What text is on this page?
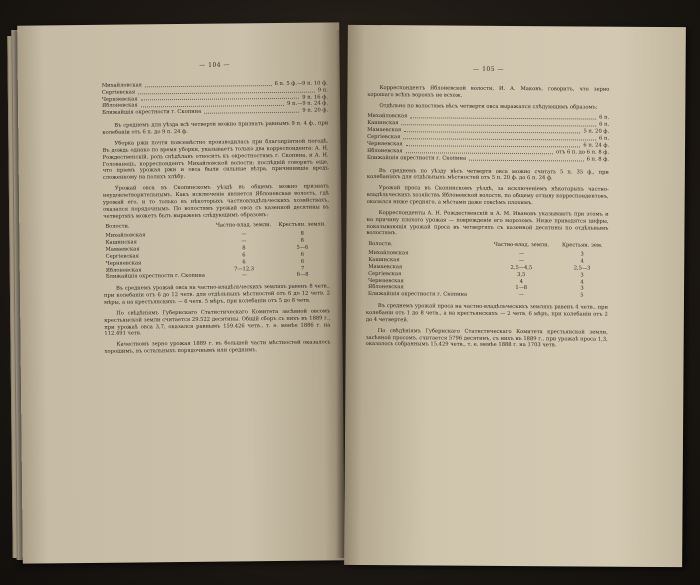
— 104 —
Михайловская	6 п. 5 ф.—9 п. 10 ф.
Сергіевская	9 п.
Черняевская	9 п. 16 ф.
Яблоневская	9 п.—9 п. 24 ф.
Ближайшія окрестности г. Скопина	9 п. 20 ф.

Въ среднемъ для уѣзда всѣ четверти можно признать равнымъ 9 п. 4 ф., при колебаніи отъ 6 п. до 9 п. 24 ф.

Уборка ржи почти повсемѣстно производилась при благопріятной погодѣ. Въ дождь однако по время уборки, указываетъ только два корреспондента: А. Н. Рождественскій, роль снѣдѣлавъ относитъ къ окрестностямъ г. Скопина, и А. Н. Голованецъ, корреспондентъ Михайловской волости; послѣдній говоритъ еще, что пріемъ урожая ржи и овса были сильные вѣтра, причинившіе вредъ сложенному на поляхъ хлѣбу.

Урожай овса въ Скопинскомъ уѣздѣ въ общемъ можно признать неудовлетворительнымъ. Какъ исключеніе является Яблоневская волость, гдѣ урожай его, и то только въ нѣкоторыхъ частновладѣльческихъ хозяйствахъ, оказался порядочнымъ. По волостямъ урожай овса съ казенной десятины въ четвертяхъ можетъ быть выраженъ слѣдующимъ образомъ:

Волости.	Частно-влад. земли.	Крестьян. земли.
Михайловская	—	8
Кашинская	—	8
Мамаевская	8	5—6
Сергіевская	6	6
Черняевская	6	6
Яблоневская	7—12,3	7
Ближайшія окрестности г. Скопина	—	6—8

Въ среднемъ урожай овса на частно-владѣльческихъ земляхъ равенъ 8 четв., при колебаніи отъ 6 до 12 четв. для отдѣльныхъ мѣстностей отъ 6 до 12 четв. 2 мѣры, а на крестьянскихъ — 6 четв. 5 мѣръ, при колебаніи отъ 5 до 8 четв.

По свѣдѣніямъ Губернскаго Статистическаго Комитета засѣвной овсомъ крестьянской земли считается 29.522 десятины. Общій сборъ съ нихъ въ 1889 г., при урожаѣ овса 3,7, оказался равнымъ 159.426 четв., т. е. менѣе 1886 г. на 112.491 четв.

Качествомъ зерно урожая 1889 г. въ большей части мѣстностей оказалось хорошимъ, въ остальныхъ порядочнымъ или среднимъ.

— 105 —

Корреспондентъ Яблоневской волости, И. А. Маковъ, говоритъ, что зерно хорошаго всѣхъ ворояхъ не всхож.

Отдѣльно по волостямъ вѣсъ четверти овса выражался слѣдующимъ образомъ:

Михайловская	6 п.
Кашинская	6 п.
Мамаевская	5 п. 20 ф.
Сергіевская	6 п.
Черняевская	6 п. 24 ф.
Яблоневская	отъ 6 п. до 6 п. 8 ф.
Ближайшія окрестности г. Скопина	6 п. 8 ф.

Въ среднемъ по уѣзду вѣсъ четверти овса можно считать 5 п. 35 ф., при колебаніяхъ для отдѣльныхъ мѣстностей отъ 5 п. 20 ф. до 6 п. 24 ф.

Урожай проса въ Скопинскомъ уѣздѣ, за исключеніемъ нѣкоторыхъ частно-владѣльческихъ хозяйствъ Яблоневской волости, по общему отзыву корреспондентовъ, оказался ниже средняго, а мѣстами даже совсѣмъ плохимъ.

Корреспонденты А. Н. Рождественскій и А. М. Ивановъ указываютъ при этомъ и на причину плохого урожая — поврежденіе его морозомъ. Ниже приводятся цифры, показывающія урожай проса въ четвертяхъ съ казенной десятины по отдѣльнымъ волостямъ.

Волости.	Частно-влад. земли.	Крестьян. зем.
Михайловская	—	3
Кашинская	—	4
Мамаевская	2,5—4,5	2,5—3
Сергіевская	3,5	3
Черняевская	4	4
Яблоневская	1—8	3
Ближайшія окрестности г. Скопина	—	5

Въ среднемъ урожай проса на частно-владѣльческихъ земляхъ равенъ 4 четв., при колебаніи отъ 1 до 8 четв., а на крестьянскихъ — 2 четв. 6 мѣръ, при колебаніи отъ 2 до 4 четвертей.

По свѣдѣніямъ Губернскаго Статистическаго Комитета крестьянской земли, засѣяной просомъ, считается 5796 десятинъ, съ нихъ въ 1889 г., при урожаѣ проса 1,3, оказалось собраннымъ 15.429 четв., т. е. менѣе 1888 г. на 1703 четв.
